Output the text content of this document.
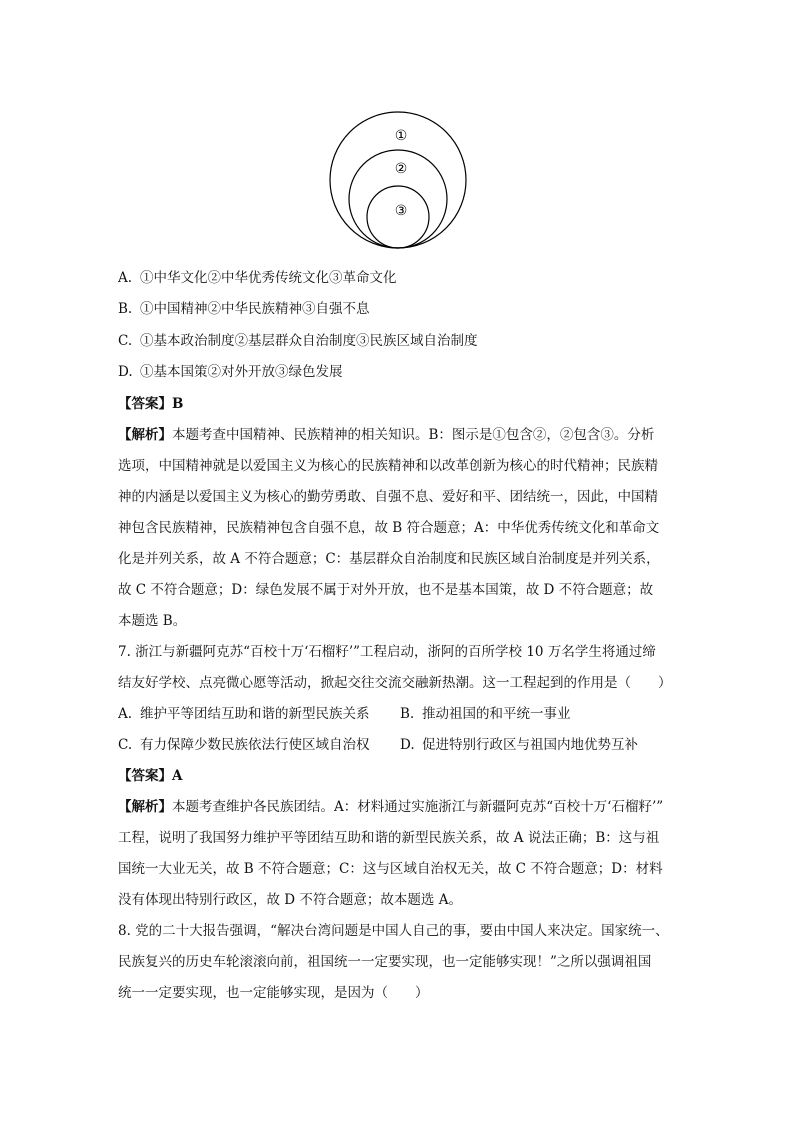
①
②
③
A. ①中华文化②中华优秀传统文化③革命文化
B. ①中国精神②中华民族精神③自强不息
C. ①基本政治制度②基层群众自治制度③民族区域自治制度
D. ①基本国策②对外开放③绿色发展
【答案】B
【解析】本题考查中国精神、民族精神的相关知识。B：图示是①包含②，②包含③。分析
选项，中国精神就是以爱国主义为核心的民族精神和以改革创新为核心的时代精神；民族精
神的内涵是以爱国主义为核心的勤劳勇敢、自强不息、爱好和平、团结统一，因此，中国精
神包含民族精神，民族精神包含自强不息，故 B 符合题意；A：中华优秀传统文化和革命文
化是并列关系，故 A 不符合题意；C：基层群众自治制度和民族区域自治制度是并列关系，
故 C 不符合题意；D：绿色发展不属于对外开放，也不是基本国策，故 D 不符合题意；故
本题选 B。
7. 浙江与新疆阿克苏“百校十万‘石榴籽’”工程启动，浙阿的百所学校 10 万名学生将通过缔
结友好学校、点亮微心愿等活动，掀起交往交流交融新热潮。这一工程起到的作用是（　　）
A. 维护平等团结互助和谐的新型民族关系 B. 推动祖国的和平统一事业
C. 有力保障少数民族依法行使区域自治权 D. 促进特别行政区与祖国内地优势互补
【答案】A
【解析】本题考查维护各民族团结。A：材料通过实施浙江与新疆阿克苏“百校十万‘石榴籽’”
工程，说明了我国努力维护平等团结互助和谐的新型民族关系，故 A 说法正确；B：这与祖
国统一大业无关，故 B 不符合题意；C：这与区域自治权无关，故 C 不符合题意；D：材料
没有体现出特别行政区，故 D 不符合题意；故本题选 A。
8. 党的二十大报告强调，“解决台湾问题是中国人自己的事，要由中国人来决定。国家统一、
民族复兴的历史车轮滚滚向前，祖国统一一定要实现，也一定能够实现！”之所以强调祖国
统一一定要实现，也一定能够实现，是因为（　　）
